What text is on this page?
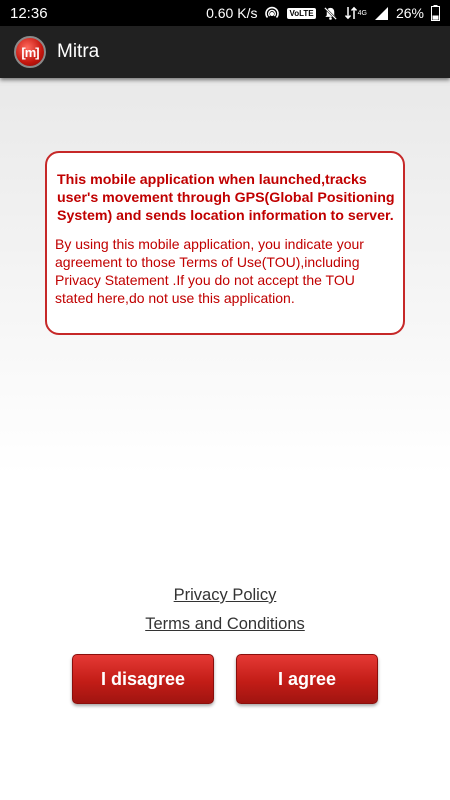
12:36	0.60 K/s	VoLTE	4G 26%
[m] Mitra

This mobile application when launched,tracks user's movement through GPS(Global Positioning System) and sends location information to server.

By using this mobile application, you indicate your agreement to those Terms of Use(TOU),including Privacy Statement .If you do not accept the TOU stated here,do not use this application.

Privacy Policy
Terms and Conditions
I disagree	I agree
